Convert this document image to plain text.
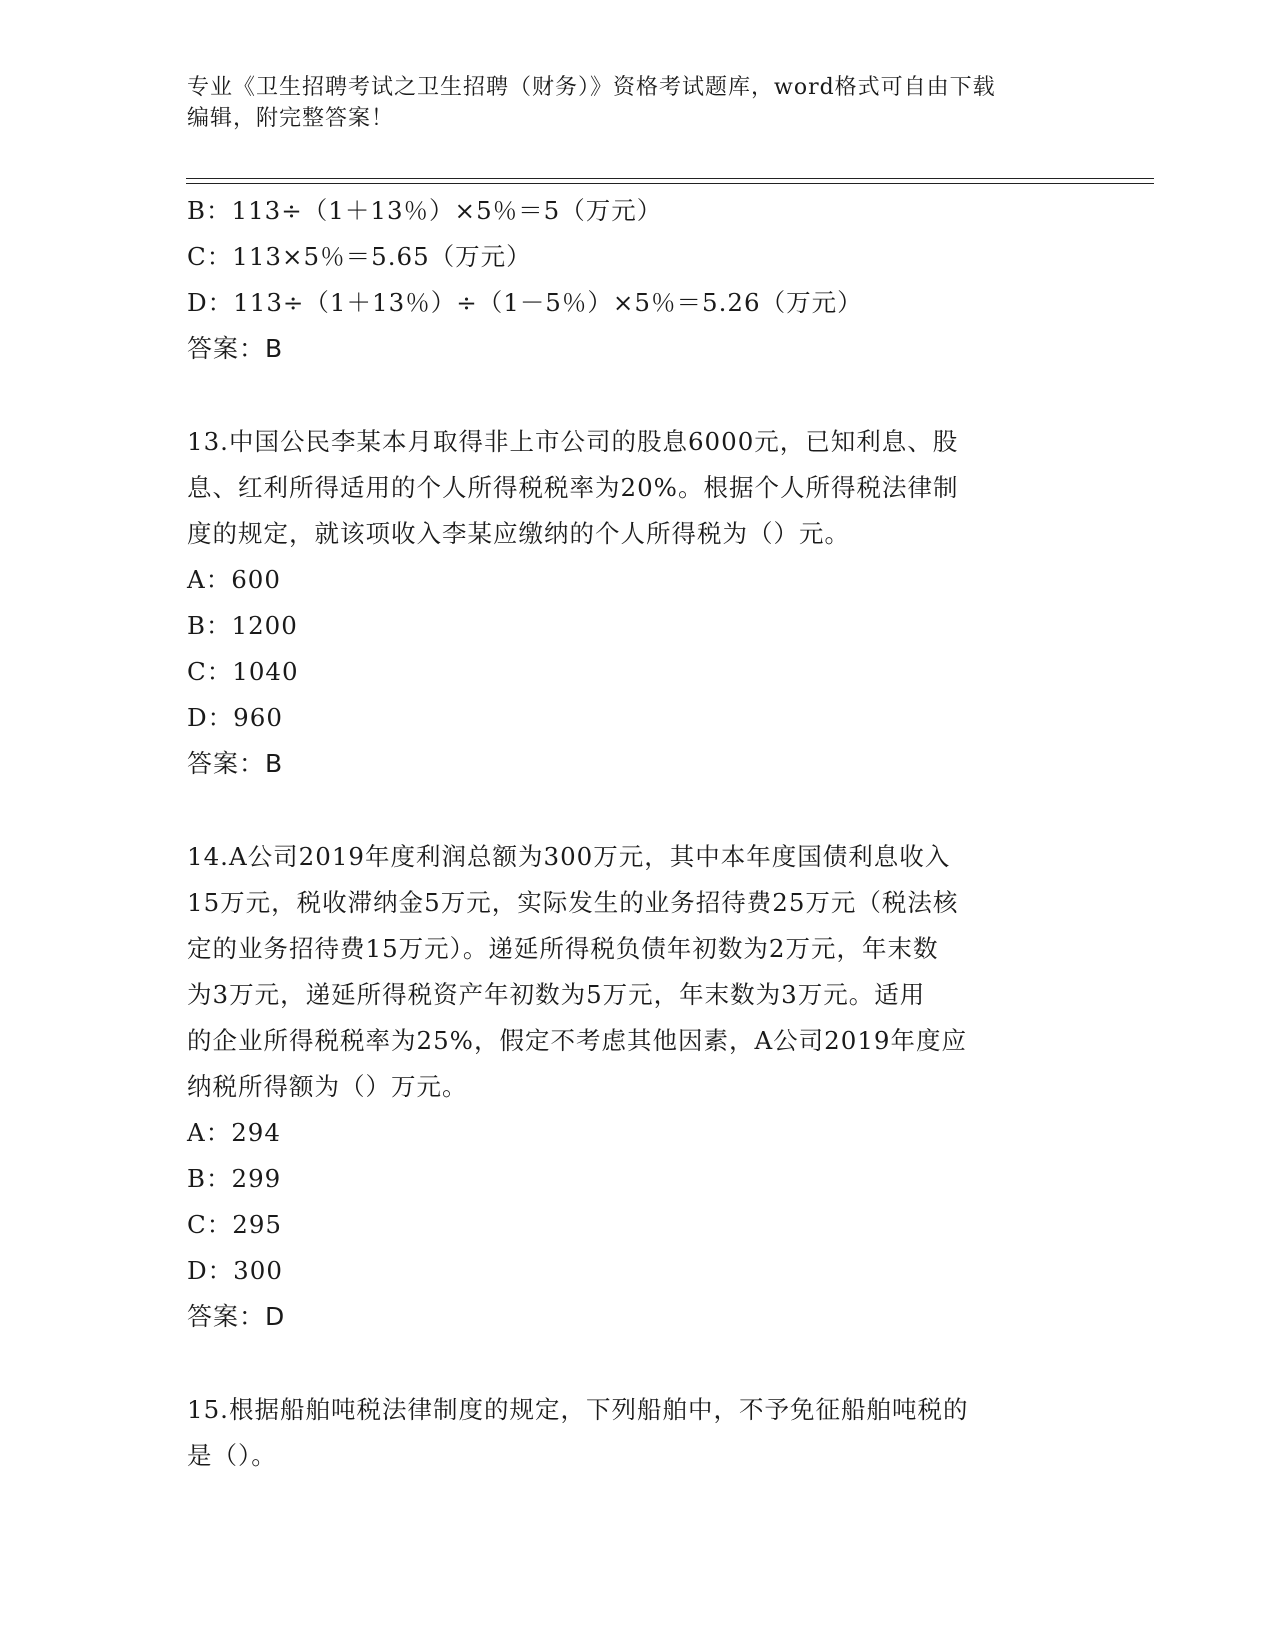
专业《卫生招聘考试之卫生招聘（财务）》资格考试题库，word格式可自由下载
编辑，附完整答案！
B：113÷（1＋13％）×5％＝5（万元）
C：113×5％＝5.65（万元）
D：113÷（1＋13％）÷（1－5％）×5％＝5.26（万元）
答案：B
13.中国公民李某本月取得非上市公司的股息6000元，已知利息、股
息、红利所得适用的个人所得税税率为20%。根据个人所得税法律制
度的规定，就该项收入李某应缴纳的个人所得税为（）元。
A：600
B：1200
C：1040
D：960
答案：B
14.A公司2019年度利润总额为300万元，其中本年度国债利息收入
15万元，税收滞纳金5万元，实际发生的业务招待费25万元（税法核
定的业务招待费15万元）。递延所得税负债年初数为2万元，年末数
为3万元，递延所得税资产年初数为5万元，年末数为3万元。适用
的企业所得税税率为25%，假定不考虑其他因素，A公司2019年度应
纳税所得额为（）万元。
A：294
B：299
C：295
D：300
答案：D
15.根据船舶吨税法律制度的规定，下列船舶中，不予免征船舶吨税的
是（）。
